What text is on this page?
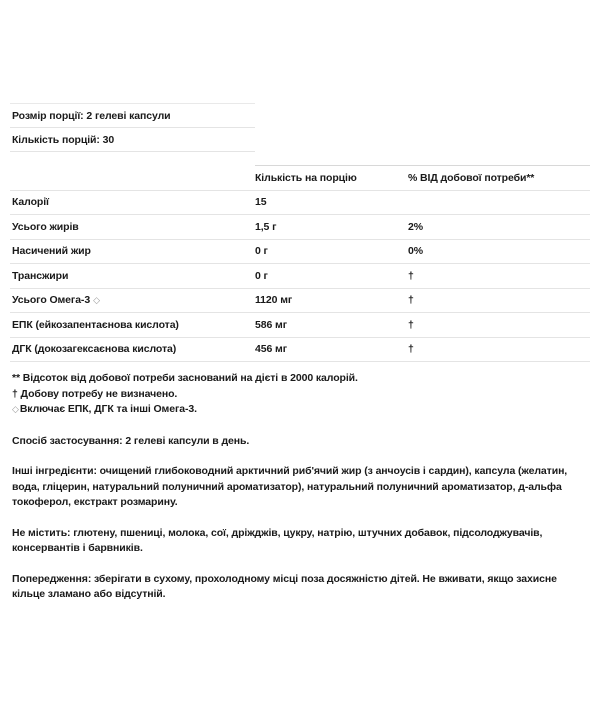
Розмір порції: 2 гелеві капсули		
Кількість порцій: 30		

	Кількість на порцію	% ВІД добової потреби**
Калорії	15	
Усього жирів	1,5 г	2%
Насичений жир	0 г	0%
Трансжири	0 г	†
Усього Омега-3 ◇	1120 мг	†
ЕПК (ейкозапентаєнова кислота)	586 мг	†
ДГК (докозагексаєнова кислота)	456 мг	†
** Відсоток від добової потреби заснований на дієті в 2000 калорій.
† Добову потребу не визначено.
◇Включає ЕПК, ДГК та інші Омега-3.

Спосіб застосування: 2 гелеві капсули в день.

Інші інгредієнти: очищений глибоководний арктичний риб'ячий жир (з анчоусів і сардин), капсула (желатин, вода, гліцерин, натуральний полуничний ароматизатор), натуральний полуничний ароматизатор, д-альфа токоферол, екстракт розмарину.

Не містить: глютену, пшениці, молока, сої, дріжджів, цукру, натрію, штучних добавок, підсолоджувачів, консервантів і барвників.

Попередження: зберігати в сухому, прохолодному місці поза досяжністю дітей. Не вживати, якщо захисне кільце зламано або відсутній.
